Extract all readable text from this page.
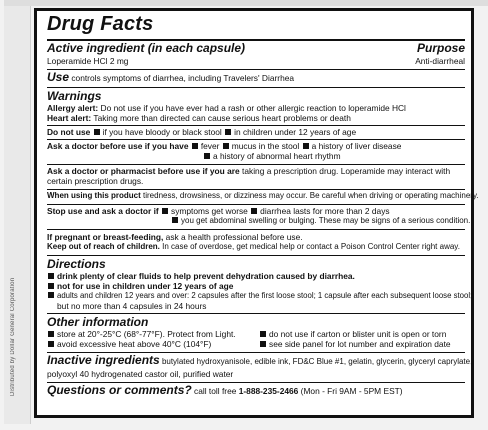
Distributed by Dollar General Corporation
Drug Facts
Active ingredient (in each capsule)	Purpose
Loperamide HCl 2 mg	Anti-diarrheal
Use controls symptoms of diarrhea, including Travelers' Diarrhea
Warnings
Allergy alert: Do not use if you have ever had a rash or other allergic reaction to loperamide HCl
Heart alert: Taking more than directed can cause serious heart problems or death
Do not use if you have bloody or black stool in children under 12 years of age
Ask a doctor before use if you have fever mucus in the stool a history of liver disease
a history of abnormal heart rhythm
Ask a doctor or pharmacist before use if you are taking a prescription drug. Loperamide may interact with
certain prescription drugs.
When using this product tiredness, drowsiness, or dizziness may occur. Be careful when driving or operating machinery.
Stop use and ask a doctor if symptoms get worse diarrhea lasts for more than 2 days
you get abdominal swelling or bulging. These may be signs of a serious condition.
If pregnant or breast-feeding, ask a health professional before use.
Keep out of reach of children. In case of overdose, get medical help or contact a Poison Control Center right away.
Directions
drink plenty of clear fluids to help prevent dehydration caused by diarrhea.
not for use in children under 12 years of age
adults and children 12 years and over: 2 capsules after the first loose stool; 1 capsule after each subsequent loose stool;
but no more than 4 capsules in 24 hours
Other information
store at 20°-25°C (68°-77°F). Protect from Light.
avoid excessive heat above 40°C (104°F)
do not use if carton or blister unit is open or torn
see side panel for lot number and expiration date
Inactive ingredients butylated hydroxyanisole, edible ink, FD&C Blue #1, gelatin, glycerin, glyceryl caprylate,
polyoxyl 40 hydrogenated castor oil, purified water
Questions or comments? call toll free 1-888-235-2466 (Mon - Fri 9AM - 5PM EST)
